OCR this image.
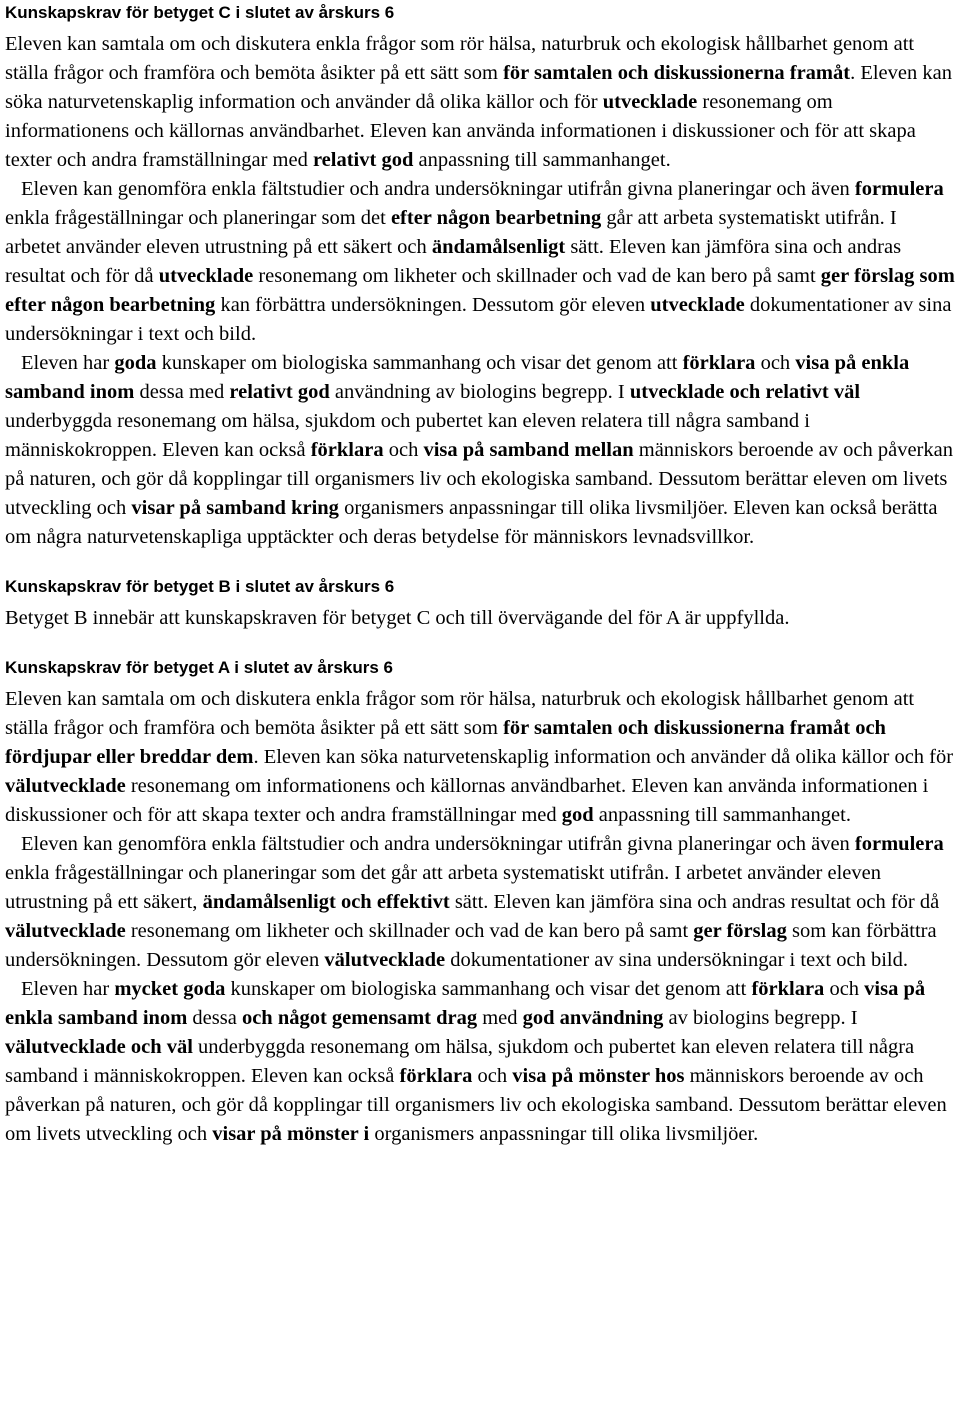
Kunskapskrav för betyget C i slutet av årskurs 6

Eleven kan samtala om och diskutera enkla frågor som rör hälsa, naturbruk och ekologisk hållbarhet genom att ställa frågor och framföra och bemöta åsikter på ett sätt som för samtalen och diskussionerna framåt. Eleven kan söka naturvetenskaplig information och använder då olika källor och för utvecklade resonemang om informationens och källornas användbarhet. Eleven kan använda informationen i diskussioner och för att skapa texter och andra framställningar med relativt god anpassning till sammanhanget.

Eleven kan genomföra enkla fältstudier och andra undersökningar utifrån givna planeringar och även formulera enkla frågeställningar och planeringar som det efter någon bearbetning går att arbeta systematiskt utifrån. I arbetet använder eleven utrustning på ett säkert och ändamålsenligt sätt. Eleven kan jämföra sina och andras resultat och för då utvecklade resonemang om likheter och skillnader och vad de kan bero på samt ger förslag som efter någon bearbetning kan förbättra undersökningen. Dessutom gör eleven utvecklade dokumentationer av sina undersökningar i text och bild.

Eleven har goda kunskaper om biologiska sammanhang och visar det genom att förklara och visa på enkla samband inom dessa med relativt god användning av biologins begrepp. I utvecklade och relativt väl underbyggda resonemang om hälsa, sjukdom och pubertet kan eleven relatera till några samband i människokroppen. Eleven kan också förklara och visa på samband mellan människors beroende av och påverkan på naturen, och gör då kopplingar till organismers liv och ekologiska samband. Dessutom berättar eleven om livets utveckling och visar på samband kring organismers anpassningar till olika livsmiljöer. Eleven kan också berätta om några naturvetenskapliga upptäckter och deras betydelse för människors levnadsvillkor.

Kunskapskrav för betyget B i slutet av årskurs 6

Betyget B innebär att kunskapskraven för betyget C och till övervägande del för A är uppfyllda.

Kunskapskrav för betyget A i slutet av årskurs 6

Eleven kan samtala om och diskutera enkla frågor som rör hälsa, naturbruk och ekologisk hållbarhet genom att ställa frågor och framföra och bemöta åsikter på ett sätt som för samtalen och diskussionerna framåt och fördjupar eller breddar dem. Eleven kan söka naturvetenskaplig information och använder då olika källor och för välutvecklade resonemang om informationens och källornas användbarhet. Eleven kan använda informationen i diskussioner och för att skapa texter och andra framställningar med god anpassning till sammanhanget.

Eleven kan genomföra enkla fältstudier och andra undersökningar utifrån givna planeringar och även formulera enkla frågeställningar och planeringar som det går att arbeta systematiskt utifrån. I arbetet använder eleven utrustning på ett säkert, ändamålsenligt och effektivt sätt. Eleven kan jämföra sina och andras resultat och för då välutvecklade resonemang om likheter och skillnader och vad de kan bero på samt ger förslag som kan förbättra undersökningen. Dessutom gör eleven välutvecklade dokumentationer av sina undersökningar i text och bild.

Eleven har mycket goda kunskaper om biologiska sammanhang och visar det genom att förklara och visa på enkla samband inom dessa och något gemensamt drag med god användning av biologins begrepp. I välutvecklade och väl underbyggda resonemang om hälsa, sjukdom och pubertet kan eleven relatera till några samband i människokroppen. Eleven kan också förklara och visa på mönster hos människors beroende av och påverkan på naturen, och gör då kopplingar till organismers liv och ekologiska samband. Dessutom berättar eleven om livets utveckling och visar på mönster i organismers anpassningar till olika livsmiljöer.
